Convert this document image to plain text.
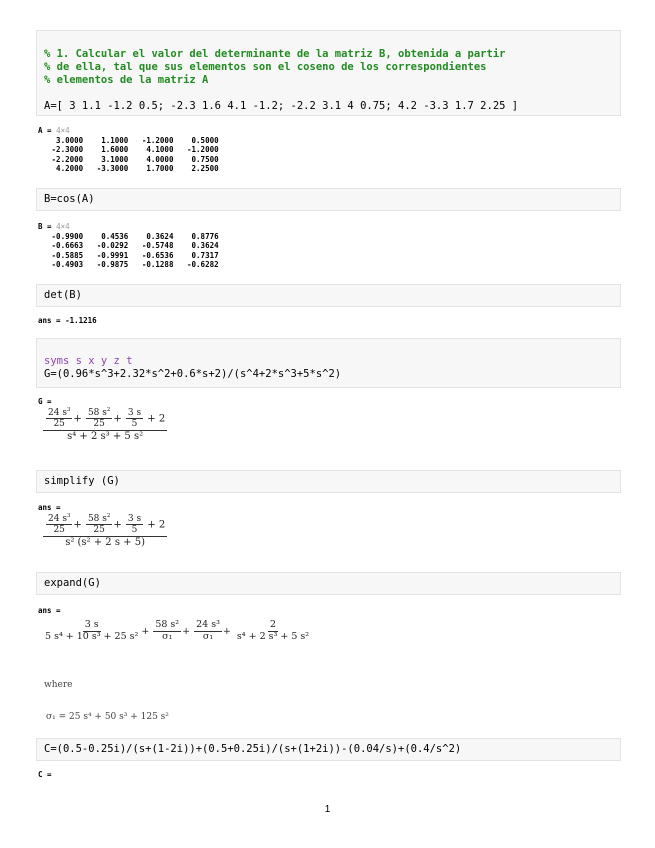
% 1. Calcular el valor del determinante de la matriz B, obtenida a partir
% de ella, tal que sus elementos son el coseno de los correspondientes
% elementos de la matriz A

A=[ 3 1.1 -1.2 0.5; -2.3 1.6 4.1 -1.2; -2.2 3.1 4 0.75; 4.2 -3.3 1.7 2.25 ]
A = 4×4
3.0000    1.1000   -1.2000    0.5000
-2.3000    1.6000    4.1000   -1.2000
-2.2000    3.1000    4.0000    0.7500
4.2000   -3.3000    1.7000    2.2500
B=cos(A)
B = 4×4
-0.9900    0.4536    0.3624    0.8776
-0.6663   -0.0292   -0.5748    0.3624
-0.5885   -0.9991   -0.6536    0.7317
-0.4903   -0.9875   -0.1288   -0.6282
det(B)
ans = -1.1216
syms s x y z t
G=(0.96*s^3+2.32*s^2+0.6*s+2)/(s^4+2*s^3+5*s^2)
G =
$\frac{\frac{24 s^3}{25} + \frac{58 s^2}{25} + \frac{3 s}{5} + 2}{\text{s⁴ + 2 s³ + 5 s²}}$
simplify (G)
ans =
$\frac{\frac{24 s^3}{25} + \frac{58 s^2}{25} + \frac{3 s}{5} + 2}{\text{s² (s² + 2 s + 5)}}$
expand(G)
ans =
$\frac{3 s}{\text{5 s⁴ + 10 s³ + 25 s²}} + \frac{\text{58 s²}}{\text{σ₁}} + \frac{\text{24 s³}}{\text{σ₁}} + \frac{2}{\text{s⁴ + 2 s³ + 5 s²}}$
where
σ₁ = 25 s⁴ + 50 s³ + 125 s²
C=(0.5-0.25i)/(s+(1-2i))+(0.5+0.25i)/(s+(1+2i))-(0.04/s)+(0.4/s^2)
C =
1
